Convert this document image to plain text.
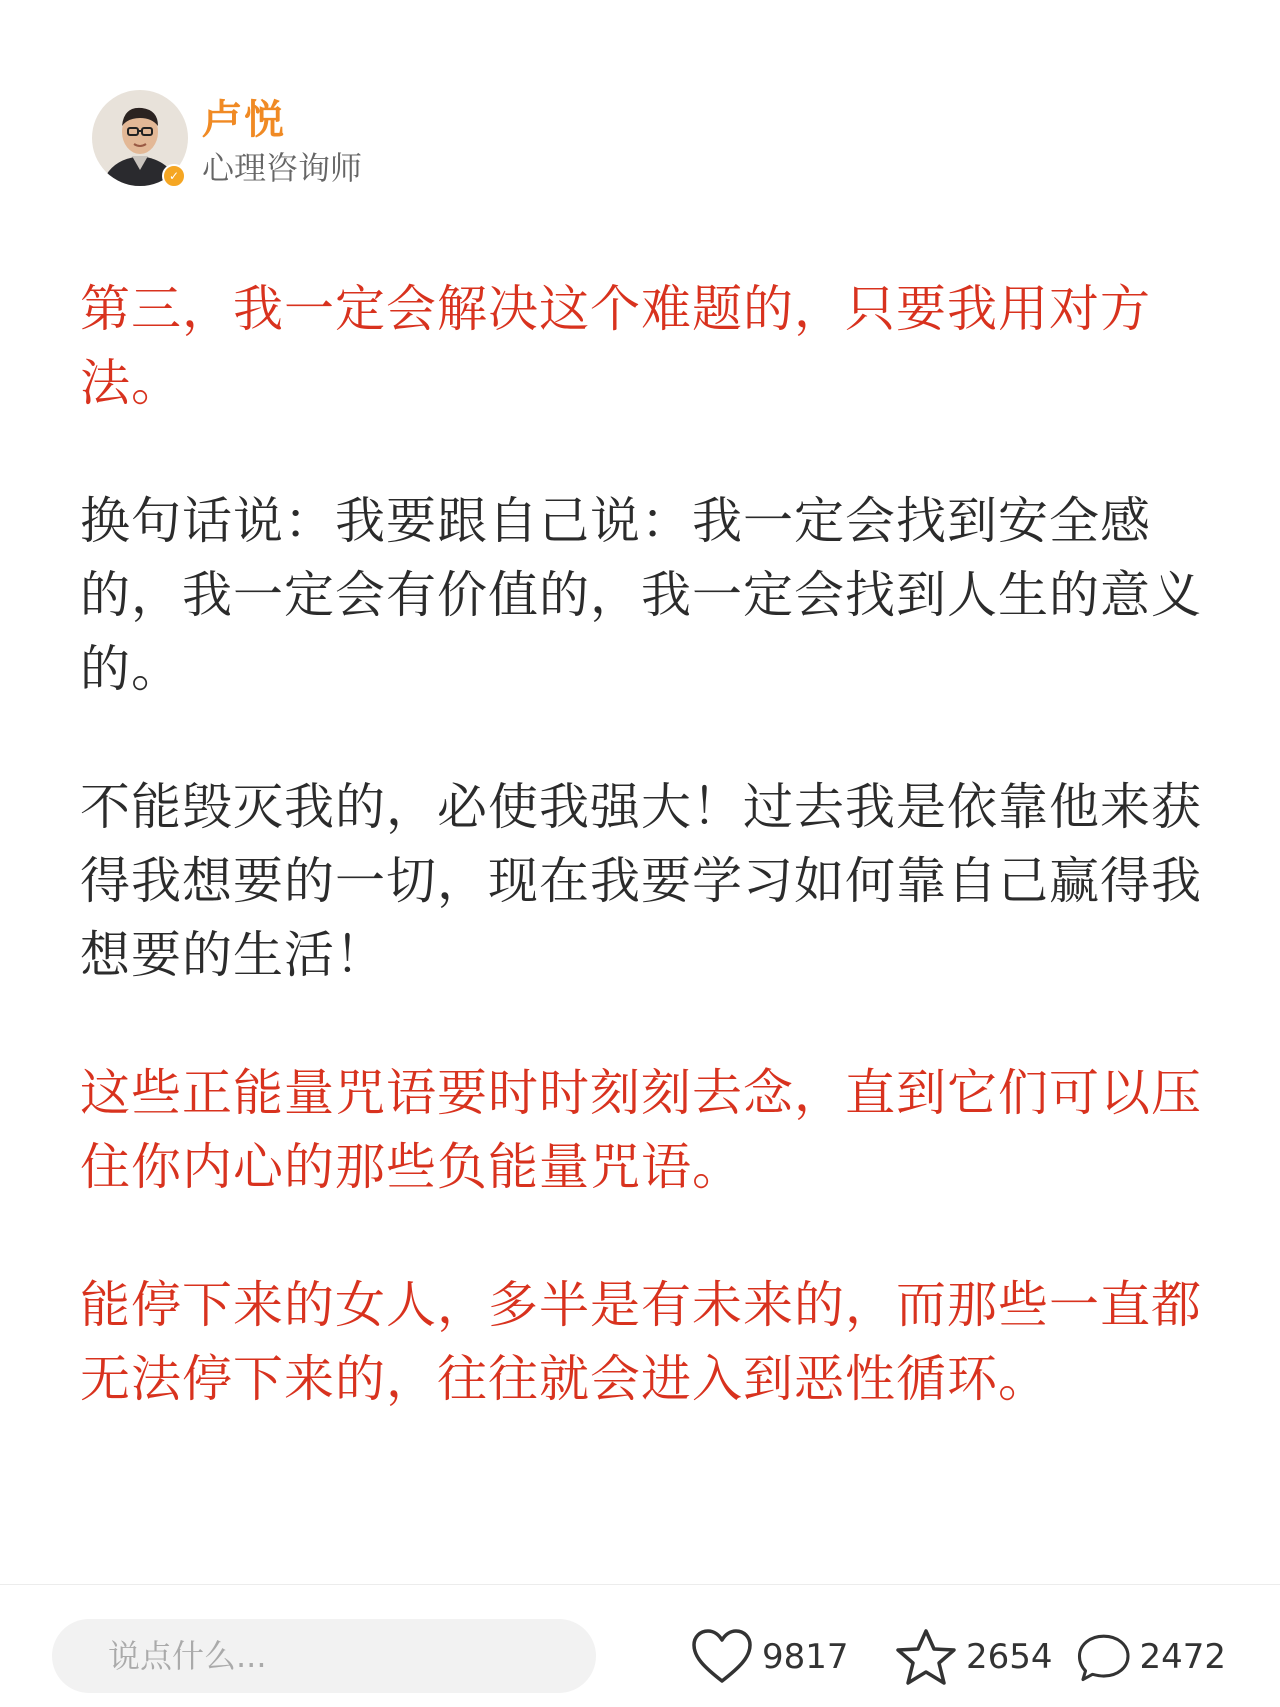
✓
卢悦
心理咨询师

第三，我一定会解决这个难题的，只要我用对方法。

换句话说：我要跟自己说：我一定会找到安全感的，我一定会有价值的，我一定会找到人生的意义的。

不能毁灭我的，必使我强大！过去我是依靠他来获得我想要的一切，现在我要学习如何靠自己赢得我想要的生活！

这些正能量咒语要时时刻刻去念，直到它们可以压住你内心的那些负能量咒语。

能停下来的女人，多半是有未来的，而那些一直都无法停下来的，往往就会进入到恶性循环。

说点什么...
9817	2654	2472
